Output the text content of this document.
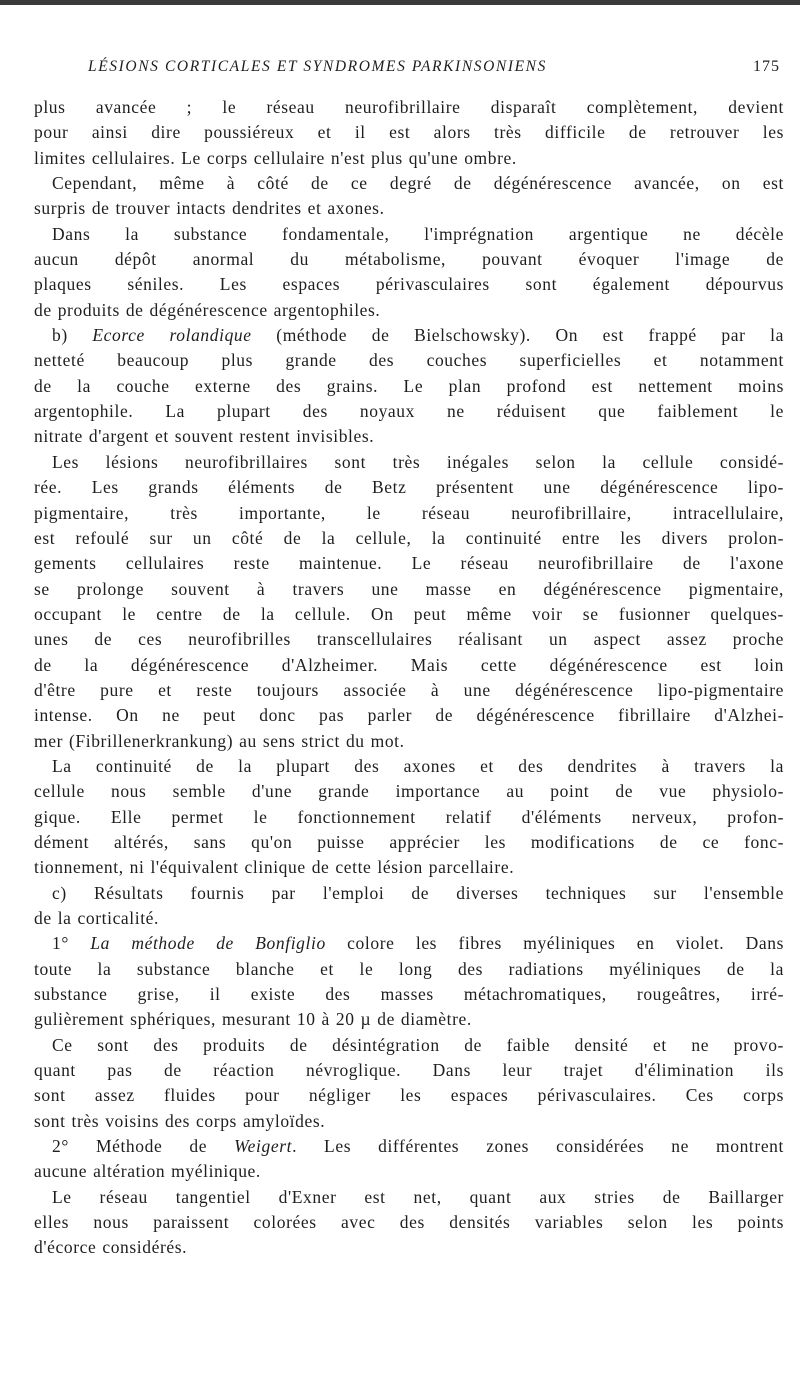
LÉSIONS CORTICALES ET SYNDROMES PARKINSONIENS	175
plus avancée ; le réseau neurofibrillaire disparaît complètement, devient
pour ainsi dire poussiéreux et il est alors très difficile de retrouver les
limites cellulaires. Le corps cellulaire n'est plus qu'une ombre.
Cependant, même à côté de ce degré de dégénérescence avancée, on est
surpris de trouver intacts dendrites et axones.
Dans la substance fondamentale, l'imprégnation argentique ne décèle
aucun dépôt anormal du métabolisme, pouvant évoquer l'image de
plaques séniles. Les espaces périvasculaires sont également dépourvus
de produits de dégénérescence argentophiles.
b) Ecorce rolandique (méthode de Bielschowsky). On est frappé par la
netteté beaucoup plus grande des couches superficielles et notamment
de la couche externe des grains. Le plan profond est nettement moins
argentophile. La plupart des noyaux ne réduisent que faiblement le
nitrate d'argent et souvent restent invisibles.
Les lésions neurofibrillaires sont très inégales selon la cellule considé-
rée. Les grands éléments de Betz présentent une dégénérescence lipo-
pigmentaire, très importante, le réseau neurofibrillaire, intracellulaire,
est refoulé sur un côté de la cellule, la continuité entre les divers prolon-
gements cellulaires reste maintenue. Le réseau neurofibrillaire de l'axone
se prolonge souvent à travers une masse en dégénérescence pigmentaire,
occupant le centre de la cellule. On peut même voir se fusionner quelques-
unes de ces neurofibrilles transcellulaires réalisant un aspect assez proche
de la dégénérescence d'Alzheimer. Mais cette dégénérescence est loin
d'être pure et reste toujours associée à une dégénérescence lipo-pigmentaire
intense. On ne peut donc pas parler de dégénérescence fibrillaire d'Alzhei-
mer (Fibrillenerkrankung) au sens strict du mot.
La continuité de la plupart des axones et des dendrites à travers la
cellule nous semble d'une grande importance au point de vue physiolo-
gique. Elle permet le fonctionnement relatif d'éléments nerveux, profon-
dément altérés, sans qu'on puisse apprécier les modifications de ce fonc-
tionnement, ni l'équivalent clinique de cette lésion parcellaire.
c) Résultats fournis par l'emploi de diverses techniques sur l'ensemble
de la corticalité.
1° La méthode de Bonfiglio colore les fibres myéliniques en violet. Dans
toute la substance blanche et le long des radiations myéliniques de la
substance grise, il existe des masses métachromatiques, rougeâtres, irré-
gulièrement sphériques, mesurant 10 à 20 µ de diamètre.
Ce sont des produits de désintégration de faible densité et ne provo-
quant pas de réaction névroglique. Dans leur trajet d'élimination ils
sont assez fluides pour négliger les espaces périvasculaires. Ces corps
sont très voisins des corps amyloïdes.
2° Méthode de Weigert. Les différentes zones considérées ne montrent
aucune altération myélinique.
Le réseau tangentiel d'Exner est net, quant aux stries de Baillarger
elles nous paraissent colorées avec des densités variables selon les points
d'écorce considérés.
